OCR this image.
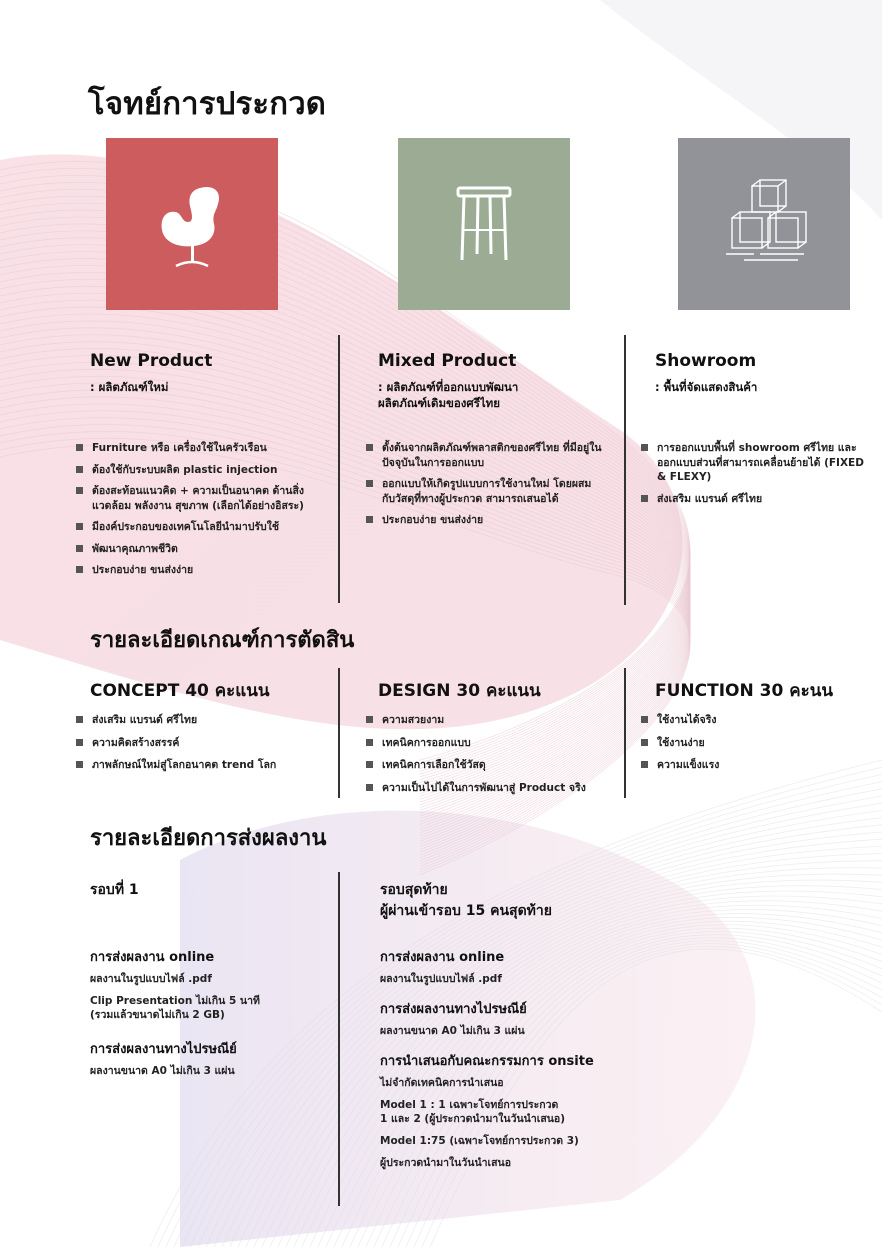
โจทย์การประกวด
New Product
: ผลิตภัณฑ์ใหม่
Furniture หรือ เครื่องใช้ในครัวเรือน
ต้องใช้กับระบบผลิต plastic injection
ต้องสะท้อนแนวคิด + ความเป็นอนาคต ด้านสิ่งแวดล้อม พลังงาน สุขภาพ (เลือกได้อย่างอิสระ)
มีองค์ประกอบของเทคโนโลยีนำมาปรับใช้
พัฒนาคุณภาพชีวิต
ประกอบง่าย ขนส่งง่าย
Mixed Product
: ผลิตภัณฑ์ที่ออกแบบพัฒนา ผลิตภัณฑ์เดิมของศรีไทย
ตั้งต้นจากผลิตภัณฑ์พลาสติกของศรีไทย ที่มีอยู่ในปัจจุบันในการออกแบบ
ออกแบบให้เกิดรูปแบบการใช้งานใหม่ โดยผสมกับวัสดุที่ทางผู้ประกวด สามารถเสนอได้
ประกอบง่าย ขนส่งง่าย
Showroom
: พื้นที่จัดแสดงสินค้า
การออกแบบพื้นที่ showroom ศรีไทย และออกแบบส่วนที่สามารถเคลื่อนย้ายได้ (FIXED & FLEXY)
ส่งเสริม แบรนด์ ศรีไทย
รายละเอียดเกณฑ์การตัดสิน
CONCEPT 40 คะแนน
ส่งเสริม แบรนด์ ศรีไทย
ความคิดสร้างสรรค์
ภาพลักษณ์ใหม่สู่โลกอนาคต trend โลก
DESIGN 30 คะแนน
ความสวยงาม
เทคนิคการออกแบบ
เทคนิคการเลือกใช้วัสดุ
ความเป็นไปได้ในการพัฒนาสู่ Product จริง
FUNCTION 30 คะนน
ใช้งานได้จริง
ใช้งานง่าย
ความแข็งแรง
รายละเอียดการส่งผลงาน
รอบที่ 1
การส่งผลงาน online
ผลงานในรูปแบบไฟล์ .pdf
Clip Presentation ไม่เกิน 5 นาที
(รวมแล้วขนาดไม่เกิน 2 GB)
การส่งผลงานทางไปรษณีย์
ผลงานขนาด A0 ไม่เกิน 3 แผ่น
รอบสุดท้าย
ผู้ผ่านเข้ารอบ 15 คนสุดท้าย
การส่งผลงาน online
ผลงานในรูปแบบไฟล์ .pdf
การส่งผลงานทางไปรษณีย์
ผลงานขนาด A0 ไม่เกิน 3 แผ่น
การนำเสนอกับคณะกรรมการ onsite
ไม่จำกัดเทคนิคการนำเสนอ
Model 1 : 1 เฉพาะโจทย์การประกวด
1 และ 2 (ผู้ประกวดนำมาในวันนำเสนอ)
Model 1:75 (เฉพาะโจทย์การประกวด 3)
ผู้ประกวดนำมาในวันนำเสนอ
